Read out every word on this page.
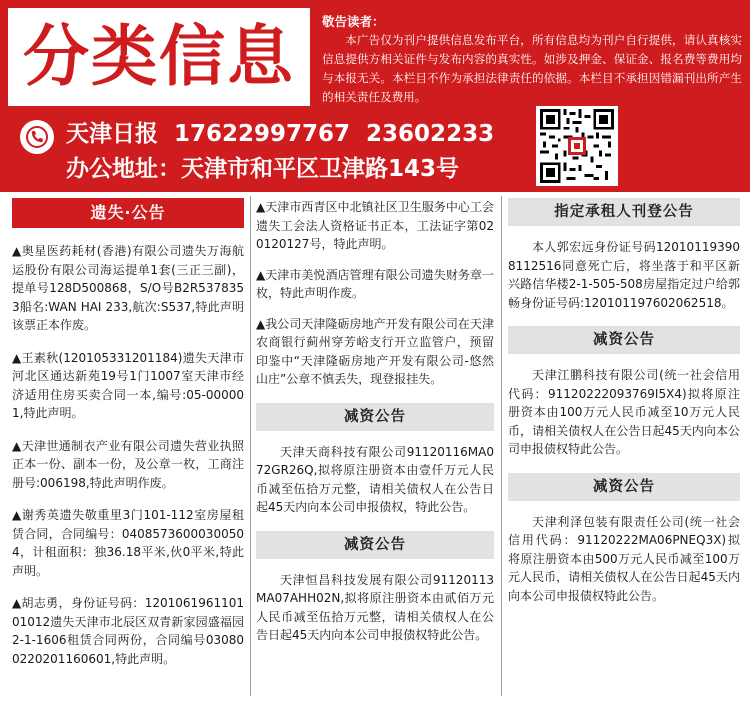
分类信息	敬告读者：
本广告仅为刊户提供信息发布平台，所有信息均为刊户自行提供，请认真核实信息提供方相关证件与发布内容的真实性。如涉及押金、保证金、报名费等费用均与本报无关。本栏目不作为承担法律责任的依据。本栏目不承担因错漏刊出所产生的相关责任及费用。
天津日报 17622997767 23602233
办公地址：天津市和平区卫津路143号
遗失·公告
▲奥星医药耗材(香港)有限公司遗失万海航运股份有限公司海运提单1套(三正三副)，提单号128D500868，S/O号B2R5378353船名:WAN HAI 233,航次:S537,特此声明该票正本作废。
▲王素秋(120105331201184)遗失天津市河北区通达新苑19号1门1007室天津市经济适用住房买卖合同一本,编号:05-000001,特此声明。
▲天津世通制衣产业有限公司遗失营业执照正本一份、副本一份，及公章一枚，工商注册号:006198,特此声明作废。
▲谢秀英遗失敬重里3门101-112室房屋租赁合同，合同编号：04085736000300504，计租面积：独36.18平米,伙0平米,特此声明。
▲胡志勇，身份证号码：120106196110101012遗失天津市北辰区双青新家园盛福园2-1-1606租赁合同两份，合同编号030800220201160601,特此声明。
▲天津市西青区中北镇社区卫生服务中心工会遗失工会法人资格证书正本，工法证字第020120127号，特此声明。
▲天津市美悦酒店管理有限公司遗失财务章一枚，特此声明作废。
▲我公司天津隆砺房地产开发有限公司在天津农商银行蓟州穿芳峪支行开立监管户，预留印鉴中“天津隆砺房地产开发有限公司-悠然山庄”公章不慎丢失，现登报挂失。
减资公告
天津天商科技有限公司91120116MA072GR26Q,拟将原注册资本由壹仟万元人民币减至伍拾万元整，请相关债权人在公告日起45天内向本公司申报债权，特此公告。
减资公告
天津恒昌科技发展有限公司91120113MA07AHH02N,拟将原注册资本由贰佰万元人民币减至伍拾万元整，请相关债权人在公告日起45天内向本公司申报债权特此公告。
指定承租人刊登公告
本人郭宏远身份证号码120101193908112516同意死亡后，将坐落于和平区新兴路信华楼2-1-505-508房屋指定过户给郭畅身份证号码:120101197602062518。
减资公告
天津江鹏科技有限公司(统一社会信用代码：91120222093769I5X4)拟将原注册资本由100万元人民币减至10万元人民币，请相关债权人在公告日起45天内向本公司申报债权特此公告。
减资公告
天津利泽包装有限责任公司(统一社会信用代码：91120222MA06PNEQ3X)拟将原注册资本由500万元人民币减至100万元人民币，请相关债权人在公告日起45天内向本公司申报债权特此公告。
